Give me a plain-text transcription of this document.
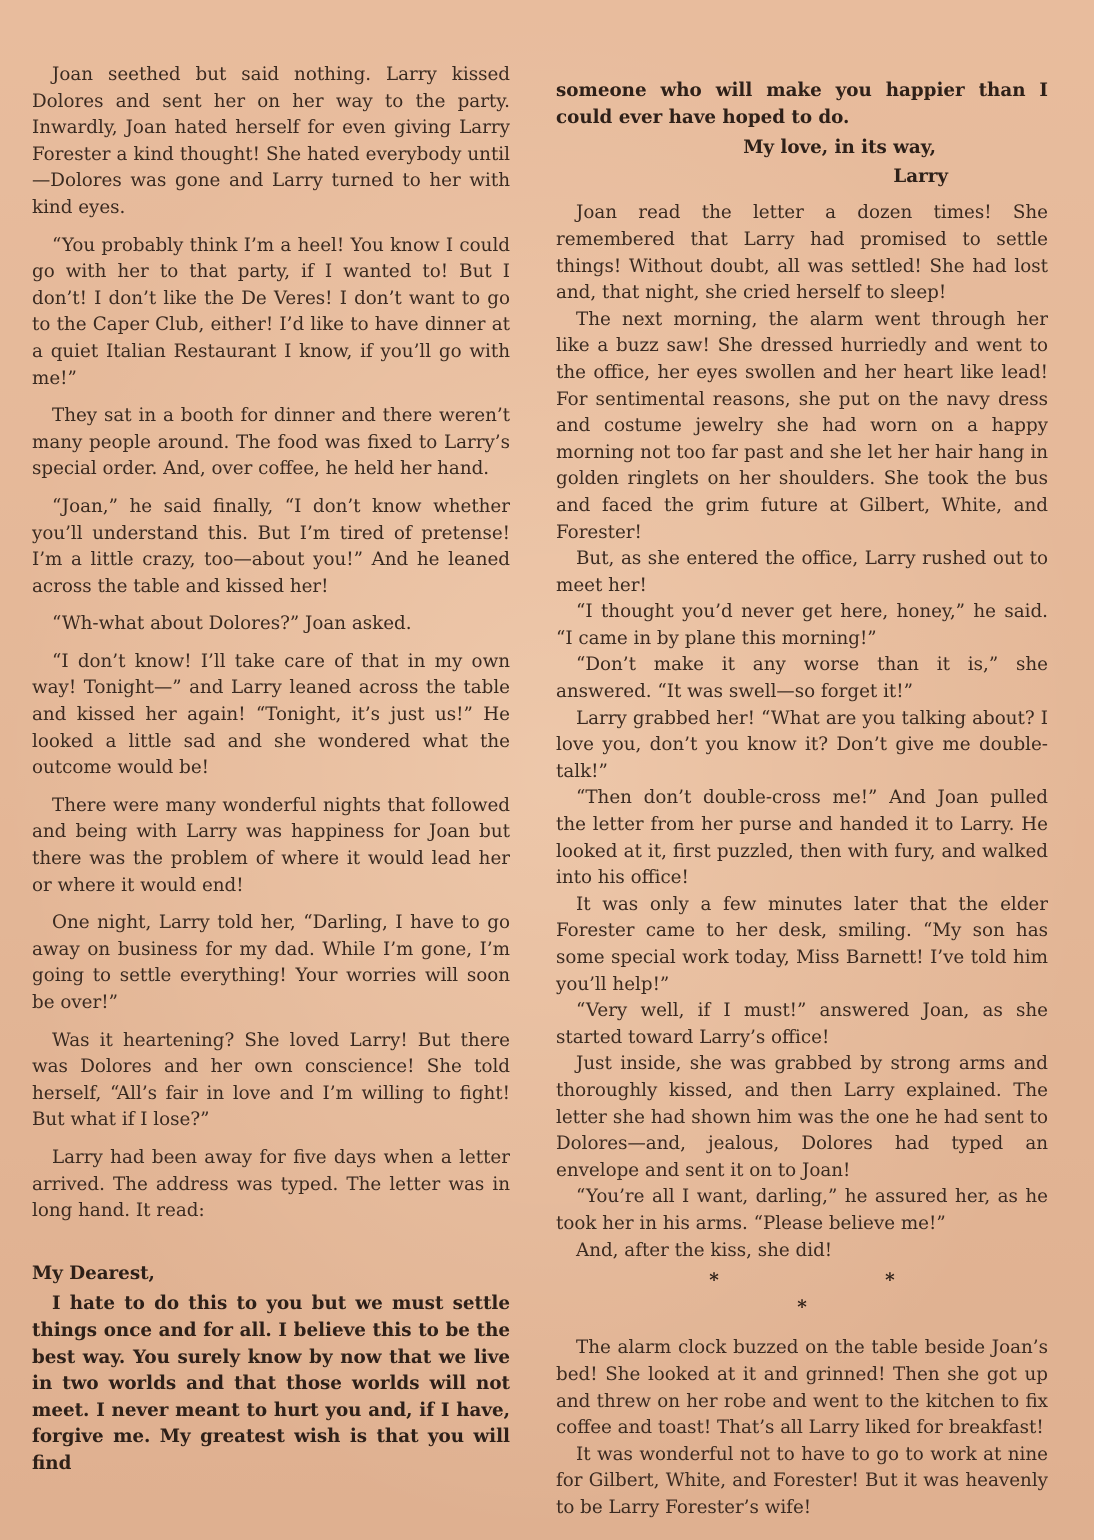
Joan seethed but said nothing. Larry kissed Dolores and sent her on her way to the party. Inwardly, Joan hated herself for even giving Larry Forester a kind thought! She hated everybody until—Dolores was gone and Larry turned to her with kind eyes.

“You probably think I’m a heel! You know I could go with her to that party, if I wanted to! But I don’t! I don’t like the De Veres! I don’t want to go to the Caper Club, either! I’d like to have dinner at a quiet Italian Restaurant I know, if you’ll go with me!”

They sat in a booth for dinner and there weren’t many people around. The food was fixed to Larry’s special order. And, over coffee, he held her hand.

“Joan,” he said finally, “I don’t know whether you’ll understand this. But I’m tired of pretense! I’m a little crazy, too—about you!” And he leaned across the table and kissed her!

“Wh-what about Dolores?” Joan asked.

“I don’t know! I’ll take care of that in my own way! Tonight—” and Larry leaned across the table and kissed her again! “Tonight, it’s just us!” He looked a little sad and she wondered what the outcome would be!

There were many wonderful nights that followed and being with Larry was happiness for Joan but there was the problem of where it would lead her or where it would end!

One night, Larry told her, “Darling, I have to go away on business for my dad. While I’m gone, I’m going to settle everything! Your worries will soon be over!”

Was it heartening? She loved Larry! But there was Dolores and her own conscience! She told herself, “All’s fair in love and I’m willing to fight! But what if I lose?”

Larry had been away for five days when a letter arrived. The address was typed. The letter was in long hand. It read:

My Dearest,

I hate to do this to you but we must settle things once and for all. I believe this to be the best way. You surely know by now that we live in two worlds and that those worlds will not meet. I never meant to hurt you and, if I have, forgive me. My greatest wish is that you will find

someone who will make you happier than I could ever have hoped to do.

My love, in its way,

Larry

Joan read the letter a dozen times! She remembered that Larry had promised to settle things! Without doubt, all was settled! She had lost and, that night, she cried herself to sleep!

The next morning, the alarm went through her like a buzz saw! She dressed hurriedly and went to the office, her eyes swollen and her heart like lead! For sentimental reasons, she put on the navy dress and costume jewelry she had worn on a happy morning not too far past and she let her hair hang in golden ringlets on her shoulders. She took the bus and faced the grim future at Gilbert, White, and Forester!

But, as she entered the office, Larry rushed out to meet her!

“I thought you’d never get here, honey,” he said. “I came in by plane this morning!”

“Don’t make it any worse than it is,” she answered. “It was swell—so forget it!”

Larry grabbed her! “What are you talking about? I love you, don’t you know it? Don’t give me double-talk!”

“Then don’t double-cross me!” And Joan pulled the letter from her purse and handed it to Larry. He looked at it, first puzzled, then with fury, and walked into his office!

It was only a few minutes later that the elder Forester came to her desk, smiling. “My son has some special work today, Miss Barnett! I’ve told him you’ll help!”

“Very well, if I must!” answered Joan, as she started toward Larry’s office!

Just inside, she was grabbed by strong arms and thoroughly kissed, and then Larry explained. The letter she had shown him was the one he had sent to Dolores—and, jealous, Dolores had typed an envelope and sent it on to Joan!

“You’re all I want, darling,” he assured her, as he took her in his arms. “Please believe me!”

And, after the kiss, she did!

* * *

The alarm clock buzzed on the table beside Joan’s bed! She looked at it and grinned! Then she got up and threw on her robe and went to the kitchen to fix coffee and toast! That’s all Larry liked for breakfast!

It was wonderful not to have to go to work at nine for Gilbert, White, and Forester! But it was heavenly to be Larry Forester’s wife!
